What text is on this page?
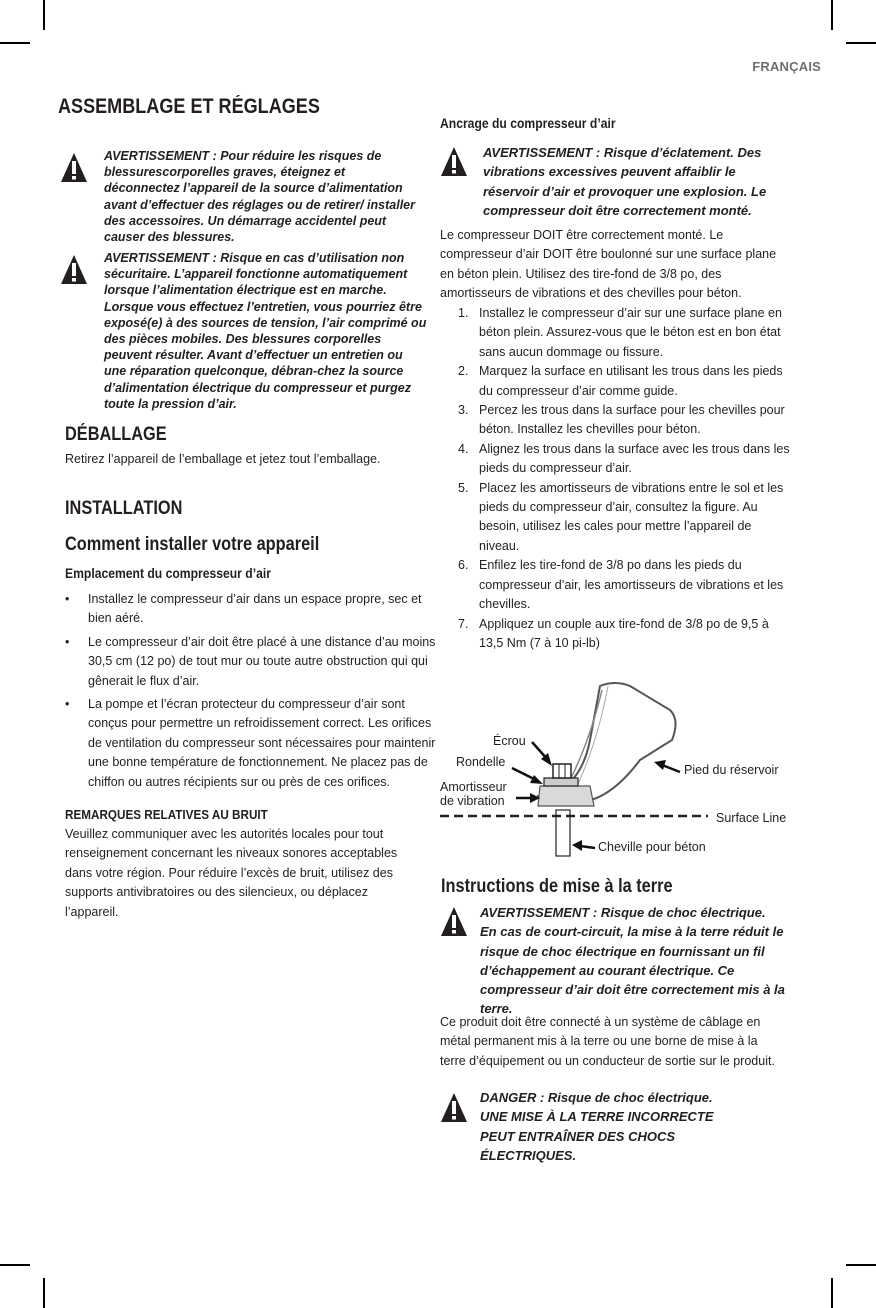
FRANÇAIS
ASSEMBLAGE ET RÉGLAGES
AVERTISSEMENT : Pour réduire les risques de blessurescorporelles graves, éteignez et déconnectez l’appareil de la source d’alimentation avant d’effectuer des réglages ou de retirer/ installer des accessoires. Un démarrage accidentel peut causer des blessures.
AVERTISSEMENT : Risque en cas d’utilisation non sécuritaire. L’appareil fonctionne automatiquement lorsque l’alimentation électrique est en marche. Lorsque vous effectuez l’entretien, vous pourriez être exposé(e) à des sources de tension, l’air comprimé ou des pièces mobiles. Des blessures corporelles peuvent résulter. Avant d’effectuer un entretien ou une réparation quelconque, débran-chez la source d’alimentation électrique du compresseur et purgez toute la pression d’air.
DÉBALLAGE
Retirez l’appareil de l’emballage et jetez tout l’emballage.
INSTALLATION
Comment installer votre appareil
Emplacement du compresseur d’air
• Installez le compresseur d’air dans un espace propre, sec et bien aéré.
• Le compresseur d’air doit être placé à une distance d’au moins 30,5 cm (12 po) de tout mur ou toute autre obstruction qui qui gênerait le flux d’air.
• La pompe et l’écran protecteur du compresseur d’air sont conçus pour permettre un refroidissement correct. Les orifices de ventilation du compresseur sont nécessaires pour maintenir une bonne température de fonctionnement. Ne placez pas de chiffon ou autres récipients sur ou près de ces orifices.
REMARQUES RELATIVES AU BRUIT
Veuillez communiquer avec les autorités locales pour tout renseignement concernant les niveaux sonores acceptables dans votre région. Pour réduire l’excès de bruit, utilisez des supports antivibratoires ou des silencieux, ou déplacez l’appareil.
Ancrage du compresseur d’air
AVERTISSEMENT : Risque d’éclatement. Des vibrations excessives peuvent affaiblir le réservoir d’air et provoquer une explosion. Le compresseur doit être correctement monté.
Le compresseur DOIT être correctement monté. Le compresseur d’air DOIT être boulonné sur une surface plane en béton plein. Utilisez des tire-fond de 3/8 po, des amortisseurs de vibrations et des chevilles pour béton.
1. Installez le compresseur d’air sur une surface plane en béton plein. Assurez-vous que le béton est en bon état sans aucun dommage ou fissure.
2. Marquez la surface en utilisant les trous dans les pieds du compresseur d’air comme guide.
3. Percez les trous dans la surface pour les chevilles pour béton. Installez les chevilles pour béton.
4. Alignez les trous dans la surface avec les trous dans les pieds du compresseur d’air.
5. Placez les amortisseurs de vibrations entre le sol et les pieds du compresseur d’air, consultez la figure. Au besoin, utilisez les cales pour mettre l’appareil de niveau.
6. Enfilez les tire-fond de 3/8 po dans les pieds du compresseur d’air, les amortisseurs de vibrations et les chevilles.
7. Appliquez un couple aux tire-fond de 3/8 po de 9,5 à 13,5 Nm (7 à 10 pi-lb)
Écrou
Rondelle
Amortisseur
de vibration
Pied du réservoir
Surface Line
Cheville pour béton
Instructions de mise à la terre
AVERTISSEMENT : Risque de choc électrique. En cas de court-circuit, la mise à la terre réduit le risque de choc électrique en fournissant un fil d’échappement au courant électrique. Ce compresseur d’air doit être correctement mis à la terre.
Ce produit doit être connecté à un système de câblage en métal permanent mis à la terre ou une borne de mise à la terre d’équipement ou un conducteur de sortie sur le produit.
DANGER : Risque de choc électrique. UNE MISE À LA TERRE INCORRECTE PEUT ENTRAÎNER DES CHOCS ÉLECTRIQUES.
